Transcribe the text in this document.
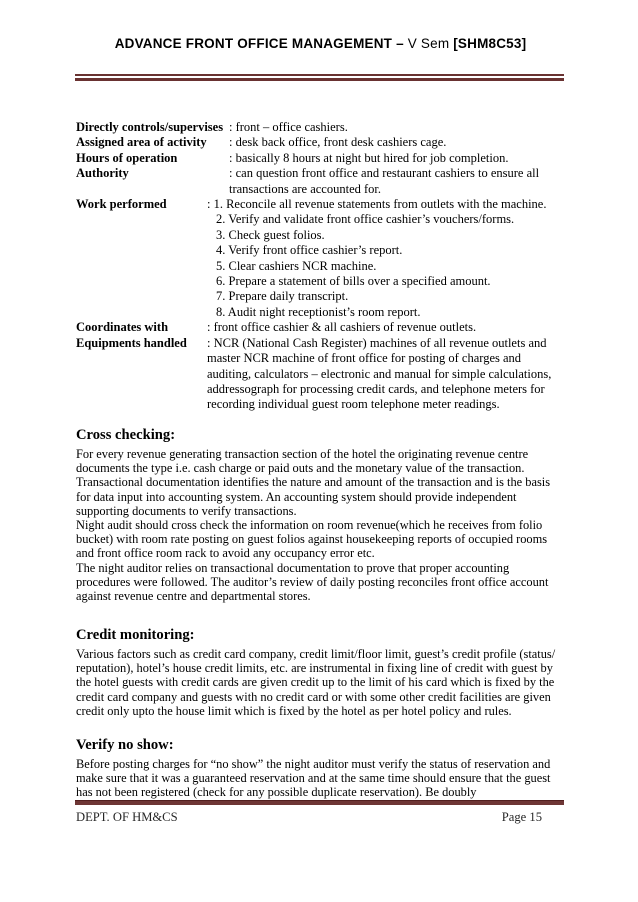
ADVANCE FRONT OFFICE MANAGEMENT – V Sem [SHM8C53]
Directly controls/supervises : front – office cashiers.
Assigned area of activity	: desk back office, front desk cashiers cage.
Hours of operation	: basically 8 hours at night but hired for job completion.
Authority	: can question front office and restaurant cashiers to ensure all transactions are accounted for.
Work performed	: 1. Reconcile all revenue statements from outlets with the machine.
2. Verify and validate front office cashier’s vouchers/forms.
3. Check guest folios.
4. Verify front office cashier’s report.
5. Clear cashiers NCR machine.
6. Prepare a statement of bills over a specified amount.
7. Prepare daily transcript.
8. Audit night receptionist’s room report.
Coordinates with	: front office cashier & all cashiers of revenue outlets.
Equipments handled	: NCR (National Cash Register) machines of all revenue outlets and master NCR machine of front office for posting of charges and auditing, calculators – electronic and manual for simple calculations, addressograph for processing credit cards, and telephone meters for recording individual guest room telephone meter readings.
Cross checking:

For every revenue generating transaction section of the hotel the originating revenue centre documents the type i.e. cash charge or paid outs and the monetary value of the transaction. Transactional documentation identifies the nature and amount of the transaction and is the basis for data input into accounting system. An accounting system should provide independent supporting documents to verify transactions.

Night audit should cross check the information on room revenue(which he receives from folio bucket) with room rate posting on guest folios against housekeeping reports of occupied rooms and front office room rack to avoid any occupancy error etc.

The night auditor relies on transactional documentation to prove that proper accounting procedures were followed. The auditor’s review of daily posting reconciles front office account against revenue centre and departmental stores.

Credit monitoring:

Various factors such as credit card company, credit limit/floor limit, guest’s credit profile (status/ reputation), hotel’s house credit limits, etc. are instrumental in fixing line of credit with guest by the hotel guests with credit cards are given credit up to the limit of his card which is fixed by the credit card company and guests with no credit card or with some other credit facilities are given credit only upto the house limit which is fixed by the hotel as per hotel policy and rules.

Verify no show:

Before posting charges for “no show” the night auditor must verify the status of reservation and make sure that it was a guaranteed reservation and at the same time should ensure that the guest has not been registered (check for any possible duplicate reservation). Be doubly

DEPT. OF HM&CS	Page 15
